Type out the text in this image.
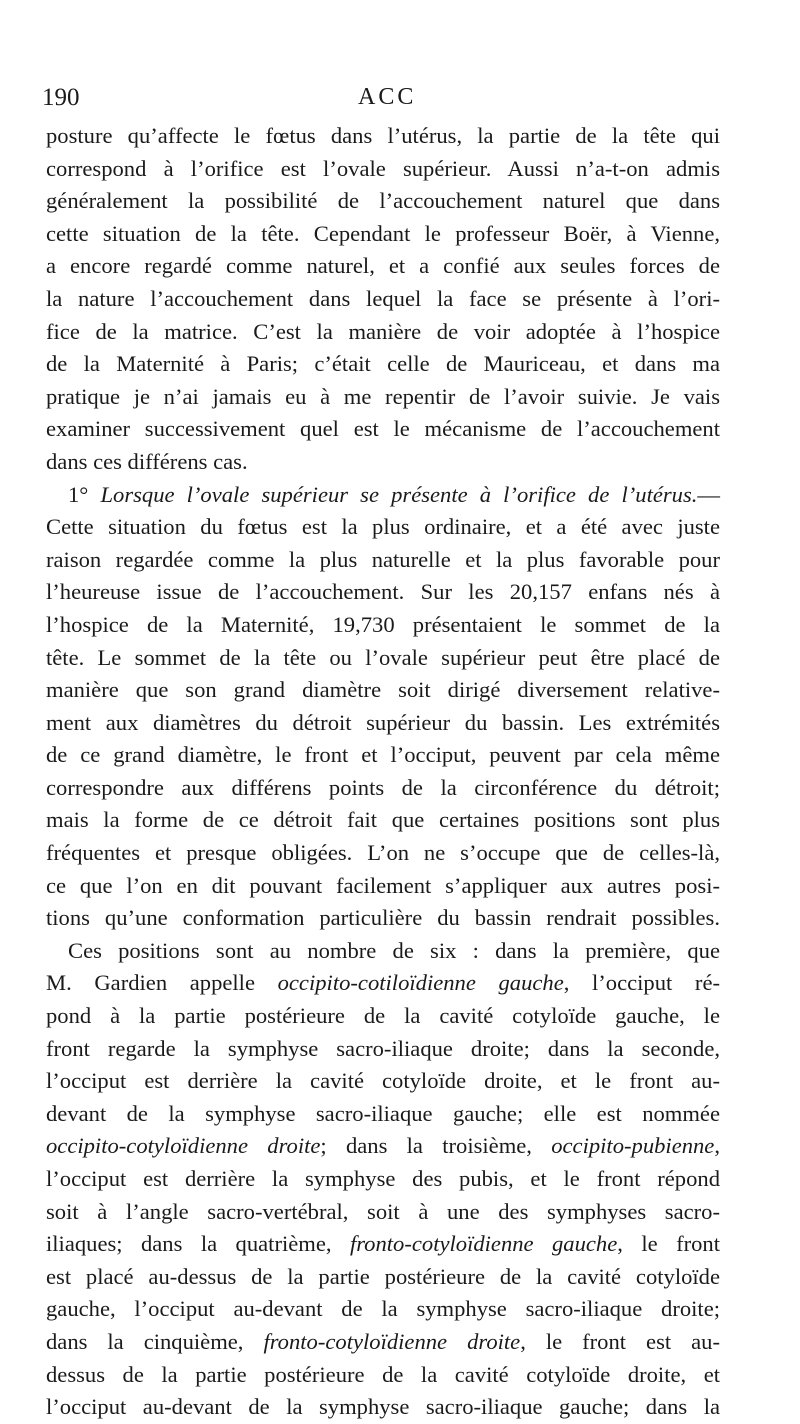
190	ACC
posture qu’affecte le fœtus dans l’utérus, la partie de la tête qui
correspond à l’orifice est l’ovale supérieur. Aussi n’a-t-on admis
généralement la possibilité de l’accouchement naturel que dans
cette situation de la tête. Cependant le professeur Boër, à Vienne,
a encore regardé comme naturel, et a confié aux seules forces de
la nature l’accouchement dans lequel la face se présente à l’ori-
fice de la matrice. C’est la manière de voir adoptée à l’hospice
de la Maternité à Paris; c’était celle de Mauriceau, et dans ma
pratique je n’ai jamais eu à me repentir de l’avoir suivie. Je vais
examiner successivement quel est le mécanisme de l’accouchement
dans ces différens cas.
1° Lorsque l’ovale supérieur se présente à l’orifice de l’utérus.—
Cette situation du fœtus est la plus ordinaire, et a été avec juste
raison regardée comme la plus naturelle et la plus favorable pour
l’heureuse issue de l’accouchement. Sur les 20,157 enfans nés à
l’hospice de la Maternité, 19,730 présentaient le sommet de la
tête. Le sommet de la tête ou l’ovale supérieur peut être placé de
manière que son grand diamètre soit dirigé diversement relative-
ment aux diamètres du détroit supérieur du bassin. Les extrémités
de ce grand diamètre, le front et l’occiput, peuvent par cela même
correspondre aux différens points de la circonférence du détroit;
mais la forme de ce détroit fait que certaines positions sont plus
fréquentes et presque obligées. L’on ne s’occupe que de celles-là,
ce que l’on en dit pouvant facilement s’appliquer aux autres posi-
tions qu’une conformation particulière du bassin rendrait possibles.
Ces positions sont au nombre de six : dans la première, que
M. Gardien appelle occipito-cotiloïdienne gauche, l’occiput ré-
pond à la partie postérieure de la cavité cotyloïde gauche, le
front regarde la symphyse sacro-iliaque droite; dans la seconde,
l’occiput est derrière la cavité cotyloïde droite, et le front au-
devant de la symphyse sacro-iliaque gauche; elle est nommée
occipito-cotyloïdienne droite; dans la troisième, occipito-pubienne,
l’occiput est derrière la symphyse des pubis, et le front répond
soit à l’angle sacro-vertébral, soit à une des symphyses sacro-
iliaques; dans la quatrième, fronto-cotyloïdienne gauche, le front
est placé au-dessus de la partie postérieure de la cavité cotyloïde
gauche, l’occiput au-devant de la symphyse sacro-iliaque droite;
dans la cinquième, fronto-cotyloïdienne droite, le front est au-
dessus de la partie postérieure de la cavité cotyloïde droite, et
l’occiput au-devant de la symphyse sacro-iliaque gauche; dans la
